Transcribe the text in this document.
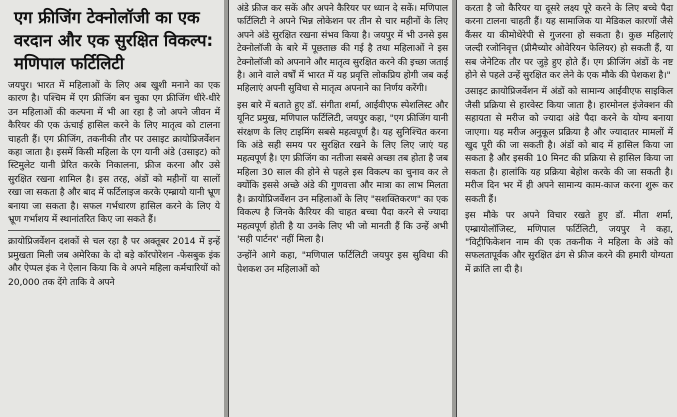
एग फ्रीजिंग टेक्नोलॉजी का एक वरदान और एक सुरक्षित विकल्प: मणिपाल फर्टिलिटी

जयपुर। भारत में महिलाओं के लिए अब खुशी मनाने का एक कारण है। पश्चिम में एग फ्रीजिंग बन चुका एग फ्रीजिंग धीरे-धीरे उन महिलाओं की कल्पना में भी आ रहा है जो अपने जीवन में कैरियर की एक ऊंचाई हासिल करने के लिए मातृत्व को टालना चाहती हैं। एग फ्रीजिंग, तकनीकी तौर पर उसाइट क्रायोप्रिजर्वेशन कहा जाता है। इसमें किसी महिला के एग यानी अंडे (उसाइट) को स्टिमुलेट यानी प्रेरित करके निकालना, फ्रीज करना और उसे सुरक्षित रखना शामिल है। इस तरह, अंडों को महीनों या सालों रखा जा सकता है और बाद में फर्टिलाइज करके एम्ब्रायो यानी भ्रूण बनाया जा सकता है। सफल गर्भधारण हासिल करने के लिए ये भ्रूण गर्भाशय में स्थानांतरित किए जा सकते हैं।

क्रायोप्रिजर्वेशन दशकों से चल रहा है पर अक्तूबर 2014 में इन्हें प्रमुखता मिली जब अमेरिका के दो बड़े कॉरपोरेशन -फेसबुक इंक और ऐप्पल इंक ने ऐलान किया कि वे अपने महिला कर्मचारियों को 20,000 तक देंगे ताकि वे अपने

अंडे फ्रीज कर सकें और अपने कैरियर पर ध्यान दे सकें। मणिपाल फर्टिलिटी ने अपने भिन्न लोकेशन पर तीन से चार महीनों के लिए अपने अंडे सुरक्षित रखना संभव किया है। जयपुर में भी उनसे इस टेक्नोलॉजी के बारे में पूछताछ की गई है तथा महिलाओं ने इस टेक्नोलॉजी को अपनाने और मातृत्व सुरक्षित करने की इच्छा जताई है। आने वाले वर्षों में भारत में यह प्रवृत्ति लोकप्रिय होगी जब कई महिलाएं अपनी सुविधा से मातृत्व अपनाने का निर्णय करेंगी।

इस बारे में बताते हुए डॉ. संगीता शर्मा, आईवीएफ स्पेशलिस्ट और यूनिट प्रमुख, मणिपाल फर्टिलिटी, जयपुर कहा, "एग फ्रीजिंग यानी संरक्षण के लिए टाइमिंग सबसे महत्वपूर्ण है। यह सुनिश्चित करना कि अंडे सही समय पर सुरक्षित रखने के लिए लिए जाएं यह महत्वपूर्ण है। एग फ्रीजिंग का नतीजा सबसे अच्छा तब होता है जब महिला 30 साल की होने से पहले इस विकल्प का चुनाव कर ले क्योंकि इससे अच्छे अंडे की गुणवत्ता और मात्रा का लाभ मिलता है। क्रायोप्रिजर्वेशन उन महिलाओं के लिए "सशक्तिकरण" का एक विकल्प है जिनके कैरियर की चाहत बच्चा पैदा करने से ज्यादा महत्वपूर्ण होती है या उनके लिए भी जो मानती हैं कि उन्हें अभी 'सही पार्टनर' नहीं मिला है।

उन्होंने आगे कहा, "मणिपाल फर्टिलिटी जयपुर इस सुविधा की पेशकश उन महिलाओं को

करता है जो कैरियर या दूसरे लक्ष्य पूरे करने के लिए बच्चे पैदा करना टालना चाहती हैं। यह सामाजिक या मेडिकल कारणों जैसे कैंसर या कीमोथेरेपी से गुजरना हो सकता है। कुछ महिलाएं जल्दी रजोनिवृत्त (प्रीमैच्योर ओवेरियन फेलियर) हो सकती हैं, या सब जेनेटिक तौर पर जुड़े हुए होते हैं। एग फ्रीजिंग अंडों के नष्ट होने से पहले उन्हें सुरक्षित कर लेने के एक मौके की पेशकश है।"

उसाइट क्रायोप्रिजर्वेशन में अंडों को सामान्य आईवीएफ साइकिल जैसी प्रक्रिया से हारवेस्ट किया जाता है। हारमोनल इंजेक्शन की सहायता से मरीज को ज्यादा अंडे पैदा करने के योग्य बनाया जाएगा। यह मरीज अनुकूल प्रक्रिया है और ज्यादातर मामलों में खुद पूरी की जा सकती है। अंडों को बाद में हासिल किया जा सकता है और इसकी 10 मिनट की प्रक्रिया से हासिल किया जा सकता है। हालांकि यह प्रक्रिया बेहोश करके की जा सकती है। मरीज दिन भर में ही अपने सामान्य काम-काज करना शुरू कर सकती हैं।

इस मौके पर अपने विचार रखते हुए डॉ. मीता शर्मा, एम्ब्रायोलॉजिस्ट, मणिपाल फर्टिलिटी, जयपुर ने कहा, "विट्रीफिकेशन नाम की एक तकनीक ने महिला के अंडे को सफलतापूर्वक और सुरक्षित ढंग से फ्रीज करने की हमारी योग्यता में क्रांति ला दी है।
